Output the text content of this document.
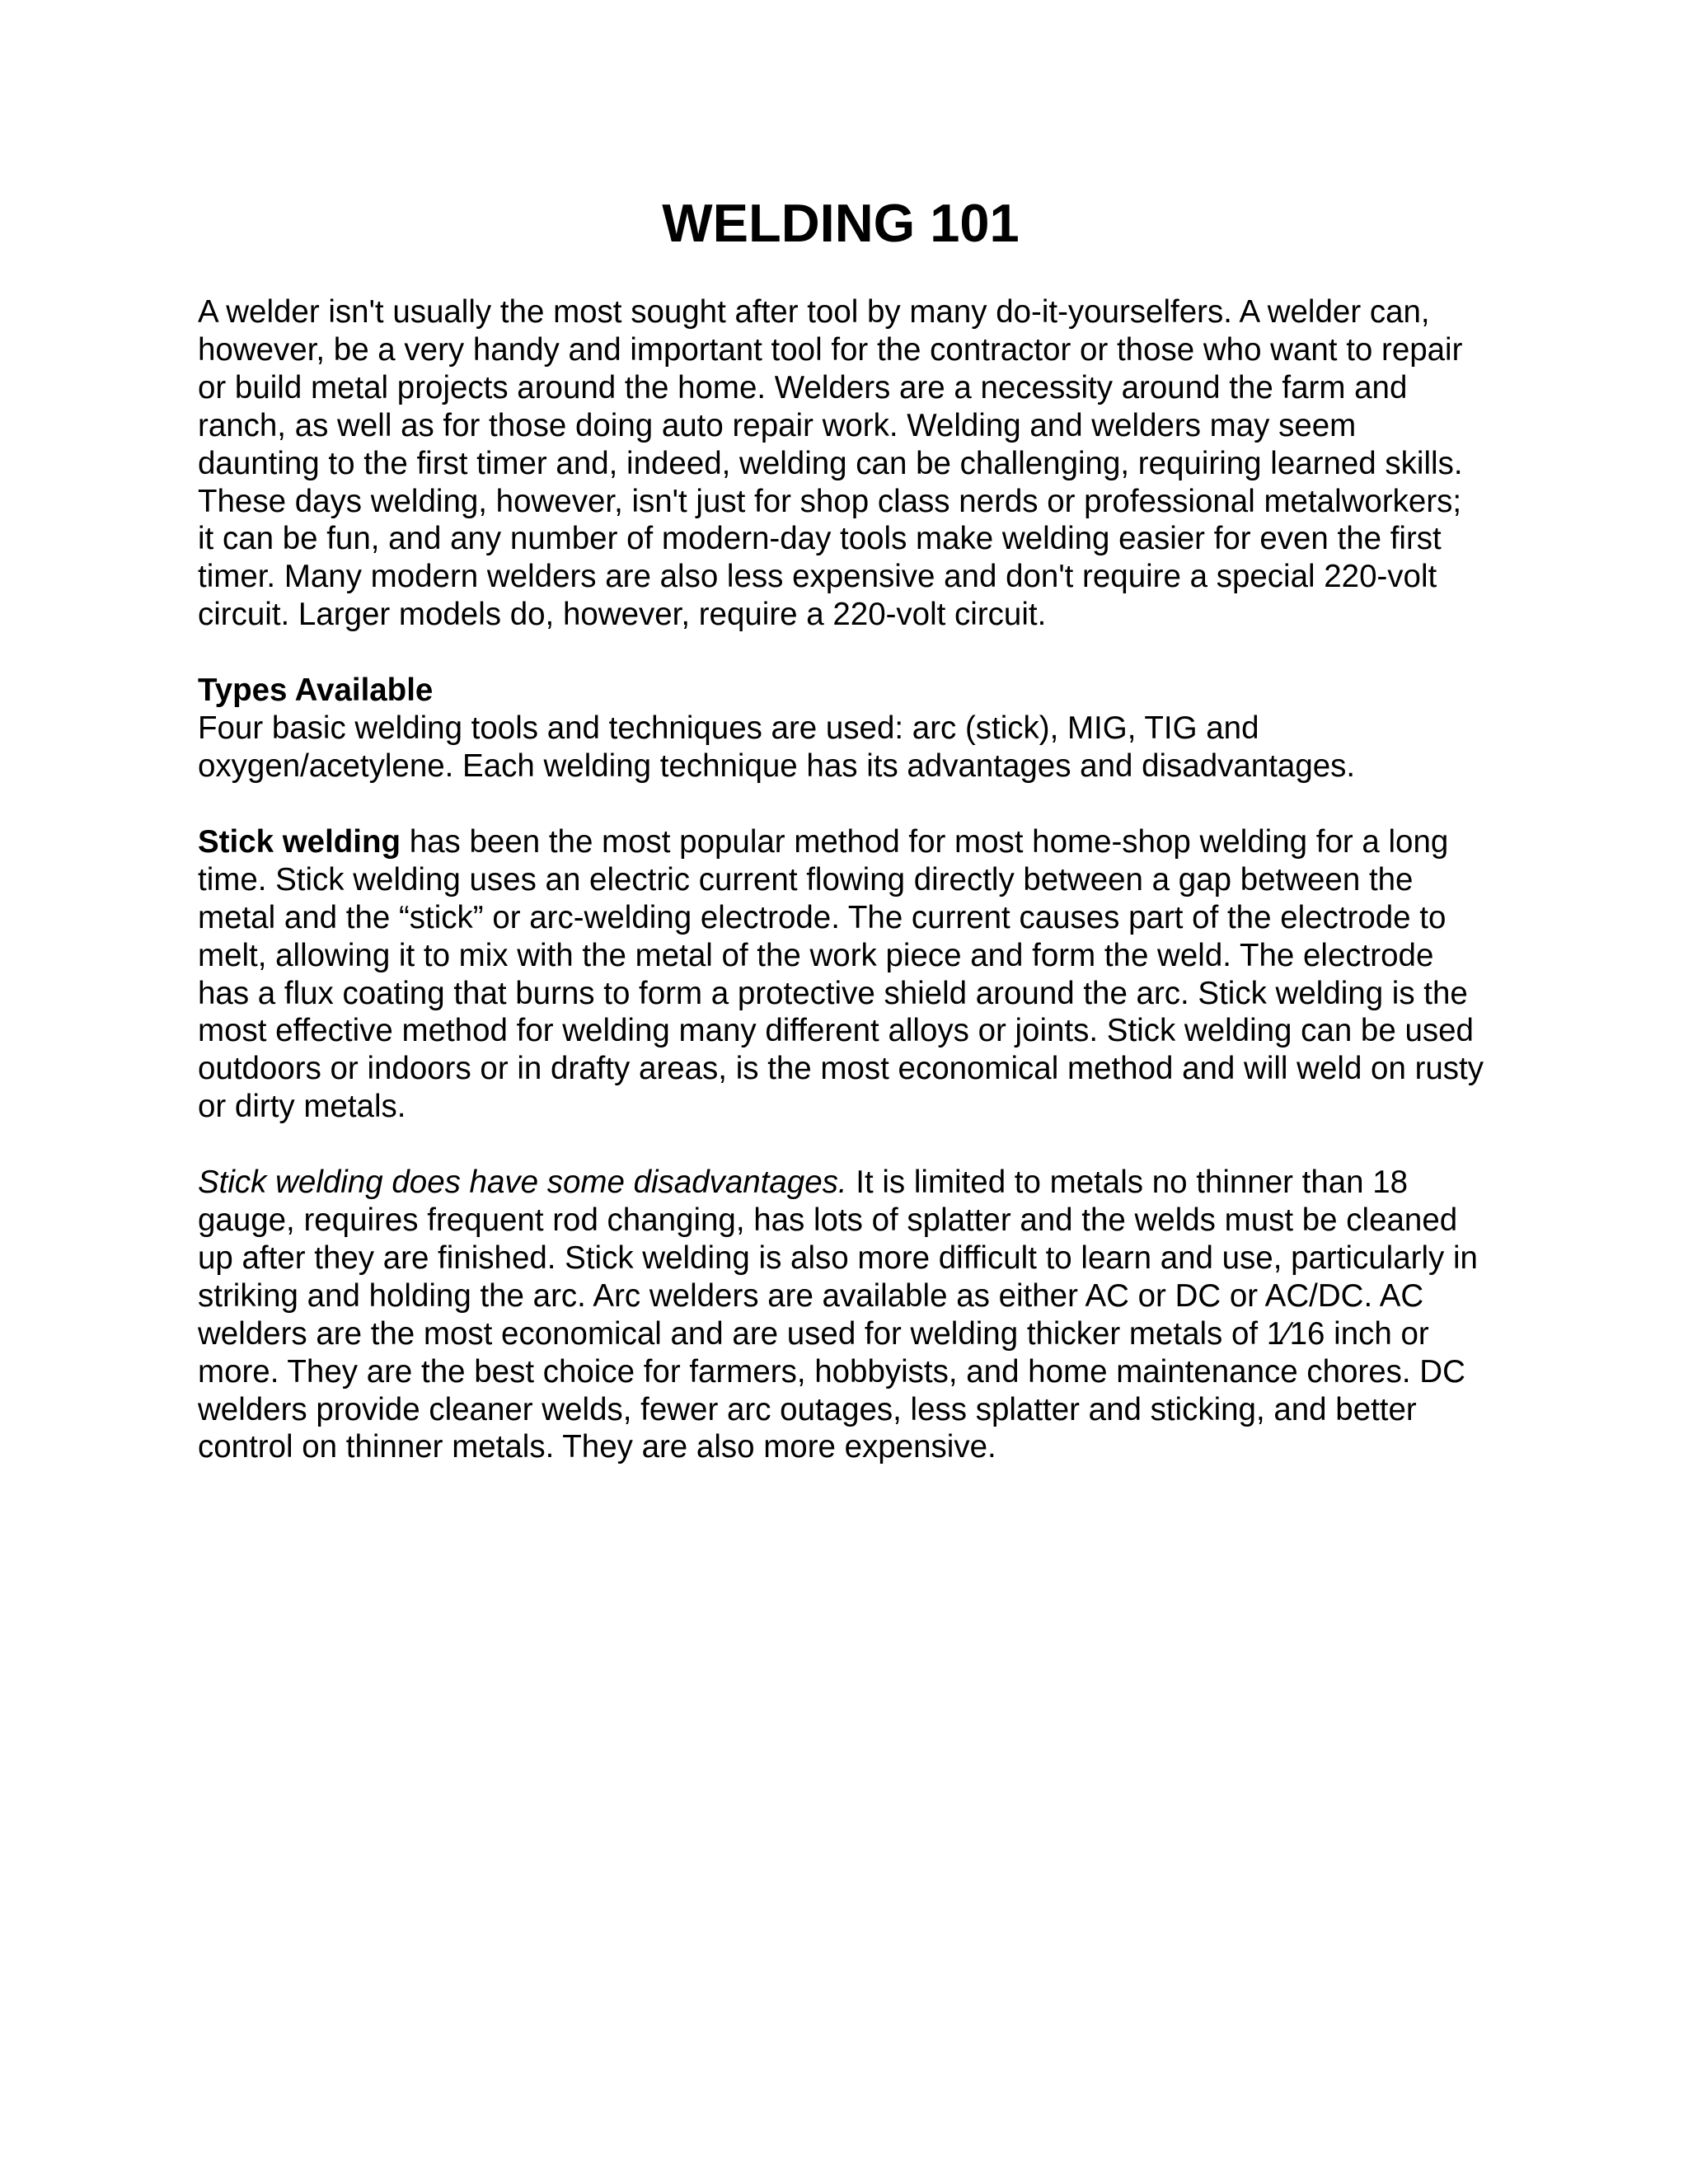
WELDING 101

A welder isn't usually the most sought after tool by many do-it-yourselfers. A welder can, however, be a very handy and important tool for the contractor or those who want to repair or build metal projects around the home. Welders are a necessity around the farm and ranch, as well as for those doing auto repair work. Welding and welders may seem daunting to the first timer and, indeed, welding can be challenging, requiring learned skills. These days welding, however, isn't just for shop class nerds or professional metalworkers; it can be fun, and any number of modern-day tools make welding easier for even the first timer. Many modern welders are also less expensive and don't require a special 220-volt circuit. Larger models do, however, require a 220-volt circuit.

Types Available
Four basic welding tools and techniques are used: arc (stick), MIG, TIG and oxygen/acetylene. Each welding technique has its advantages and disadvantages.

Stick welding has been the most popular method for most home-shop welding for a long time. Stick welding uses an electric current flowing directly between a gap between the metal and the “stick” or arc-welding electrode. The current causes part of the electrode to melt, allowing it to mix with the metal of the work piece and form the weld. The electrode has a flux coating that burns to form a protective shield around the arc. Stick welding is the most effective method for welding many different alloys or joints. Stick welding can be used outdoors or indoors or in drafty areas, is the most economical method and will weld on rusty or dirty metals.

Stick welding does have some disadvantages. It is limited to metals no thinner than 18 gauge, requires frequent rod changing, has lots of splatter and the welds must be cleaned up after they are finished. Stick welding is also more difficult to learn and use, particularly in striking and holding the arc. Arc welders are available as either AC or DC or AC/DC. AC welders are the most economical and are used for welding thicker metals of 1⁄16 inch or more. They are the best choice for farmers, hobbyists, and home maintenance chores. DC welders provide cleaner welds, fewer arc outages, less splatter and sticking, and better control on thinner metals. They are also more expensive.
